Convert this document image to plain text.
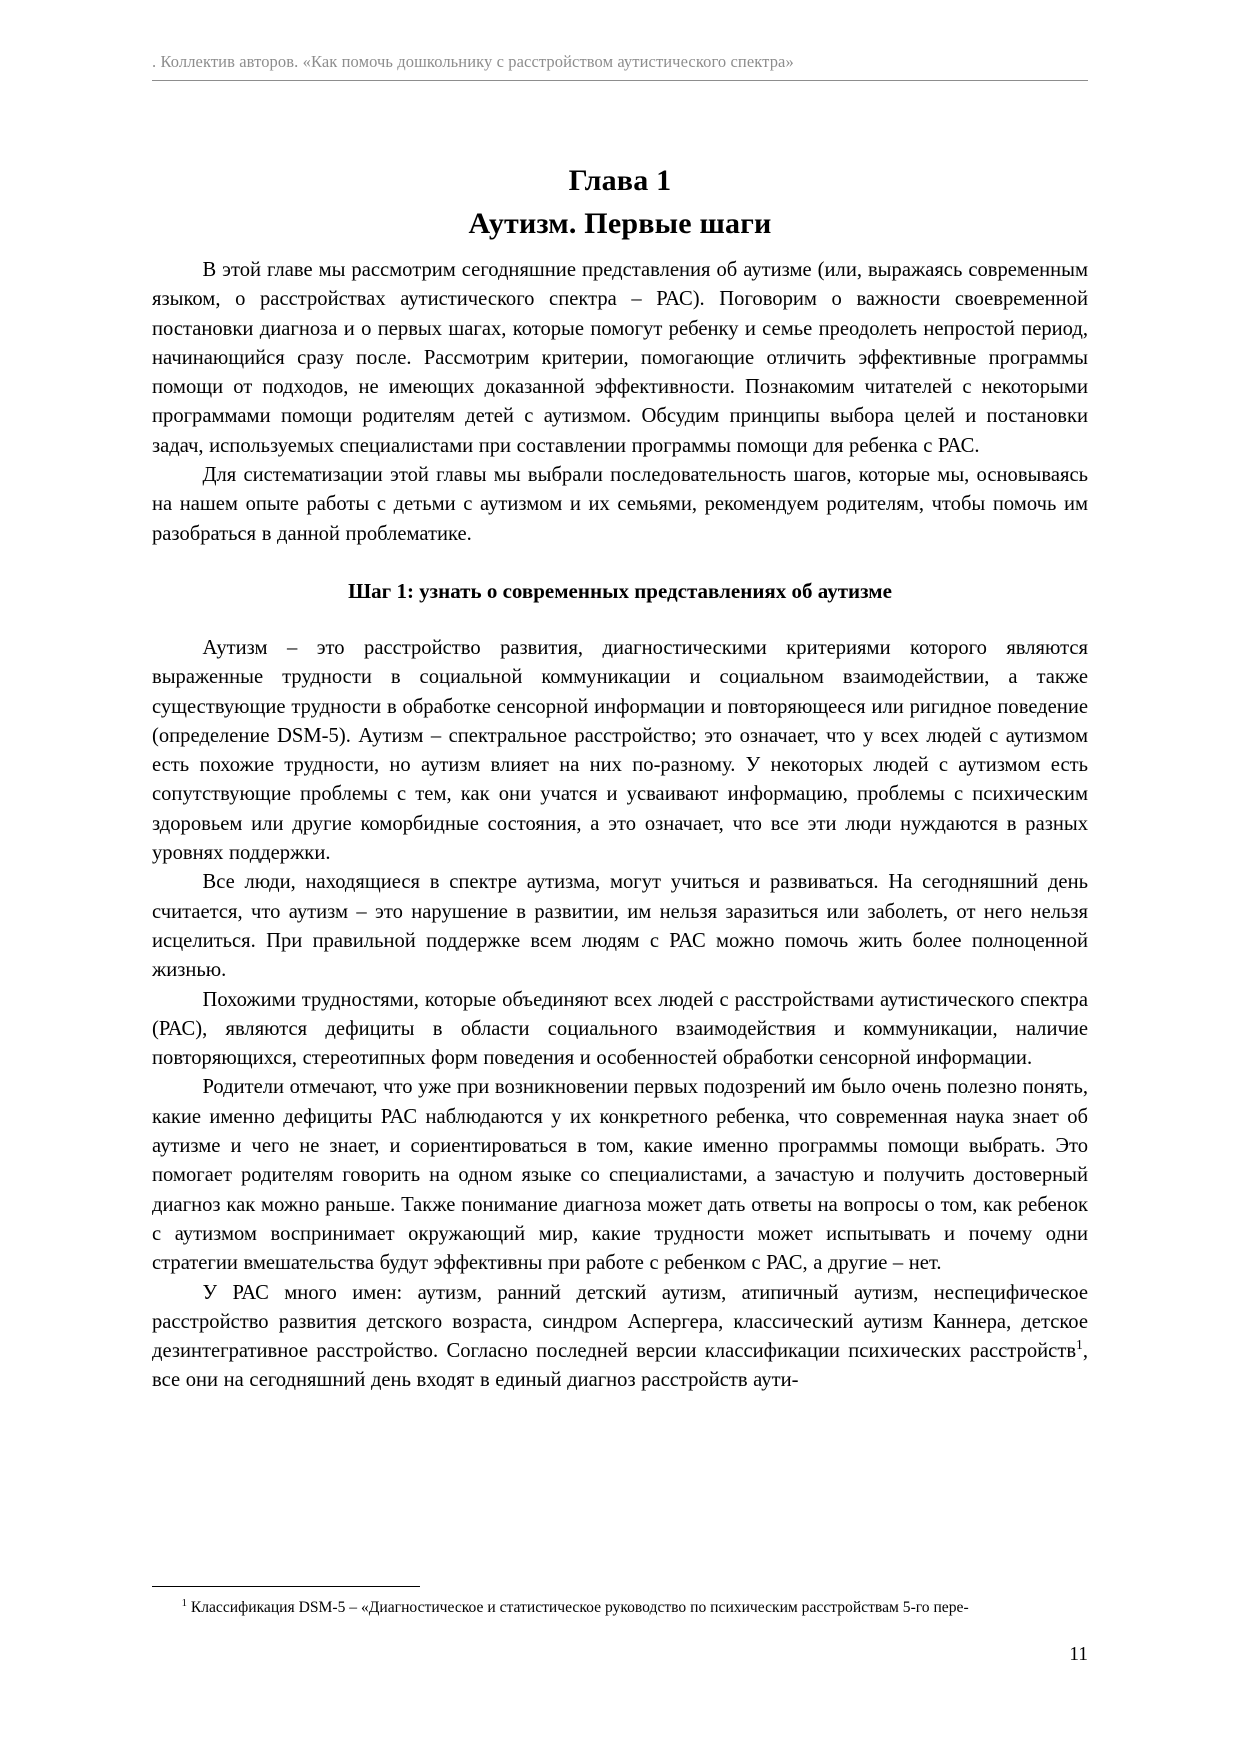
. Коллектив авторов. «Как помочь дошкольнику с расстройством аутистического спектра»
Глава 1
Аутизм. Первые шаги

В этой главе мы рассмотрим сегодняшние представления об аутизме (или, выражаясь современным языком, о расстройствах аутистического спектра – РАС). Поговорим о важности своевременной постановки диагноза и о первых шагах, которые помогут ребенку и семье преодолеть непростой период, начинающийся сразу после. Рассмотрим критерии, помогающие отличить эффективные программы помощи от подходов, не имеющих доказанной эффективности. Познакомим читателей с некоторыми программами помощи родителям детей с аутизмом. Обсудим принципы выбора целей и постановки задач, используемых специалистами при составлении программы помощи для ребенка с РАС.

Для систематизации этой главы мы выбрали последовательность шагов, которые мы, основываясь на нашем опыте работы с детьми с аутизмом и их семьями, рекомендуем родителям, чтобы помочь им разобраться в данной проблематике.

Шаг 1: узнать о современных представлениях об аутизме

Аутизм – это расстройство развития, диагностическими критериями которого являются выраженные трудности в социальной коммуникации и социальном взаимодействии, а также существующие трудности в обработке сенсорной информации и повторяющееся или ригидное поведение (определение DSM-5). Аутизм – спектральное расстройство; это означает, что у всех людей с аутизмом есть похожие трудности, но аутизм влияет на них по-разному. У некоторых людей с аутизмом есть сопутствующие проблемы с тем, как они учатся и усваивают информацию, проблемы с психическим здоровьем или другие коморбидные состояния, а это означает, что все эти люди нуждаются в разных уровнях поддержки.

Все люди, находящиеся в спектре аутизма, могут учиться и развиваться. На сегодняшний день считается, что аутизм – это нарушение в развитии, им нельзя заразиться или заболеть, от него нельзя исцелиться. При правильной поддержке всем людям с РАС можно помочь жить более полноценной жизнью.

Похожими трудностями, которые объединяют всех людей с расстройствами аутистического спектра (РАС), являются дефициты в области социального взаимодействия и коммуникации, наличие повторяющихся, стереотипных форм поведения и особенностей обработки сенсорной информации.

Родители отмечают, что уже при возникновении первых подозрений им было очень полезно понять, какие именно дефициты РАС наблюдаются у их конкретного ребенка, что современная наука знает об аутизме и чего не знает, и сориентироваться в том, какие именно программы помощи выбрать. Это помогает родителям говорить на одном языке со специалистами, а зачастую и получить достоверный диагноз как можно раньше. Также понимание диагноза может дать ответы на вопросы о том, как ребенок с аутизмом воспринимает окружающий мир, какие трудности может испытывать и почему одни стратегии вмешательства будут эффективны при работе с ребенком с РАС, а другие – нет.

У РАС много имен: аутизм, ранний детский аутизм, атипичный аутизм, неспецифическое расстройство развития детского возраста, синдром Аспергера, классический аутизм Каннера, детское дезинтегративное расстройство. Согласно последней версии классификации психических расстройств$^1$, все они на сегодняшний день входят в единый диагноз расстройств аути-

$^1$ Классификация DSM-5 – «Диагностическое и статистическое руководство по психическим расстройствам 5-го пере-

11
